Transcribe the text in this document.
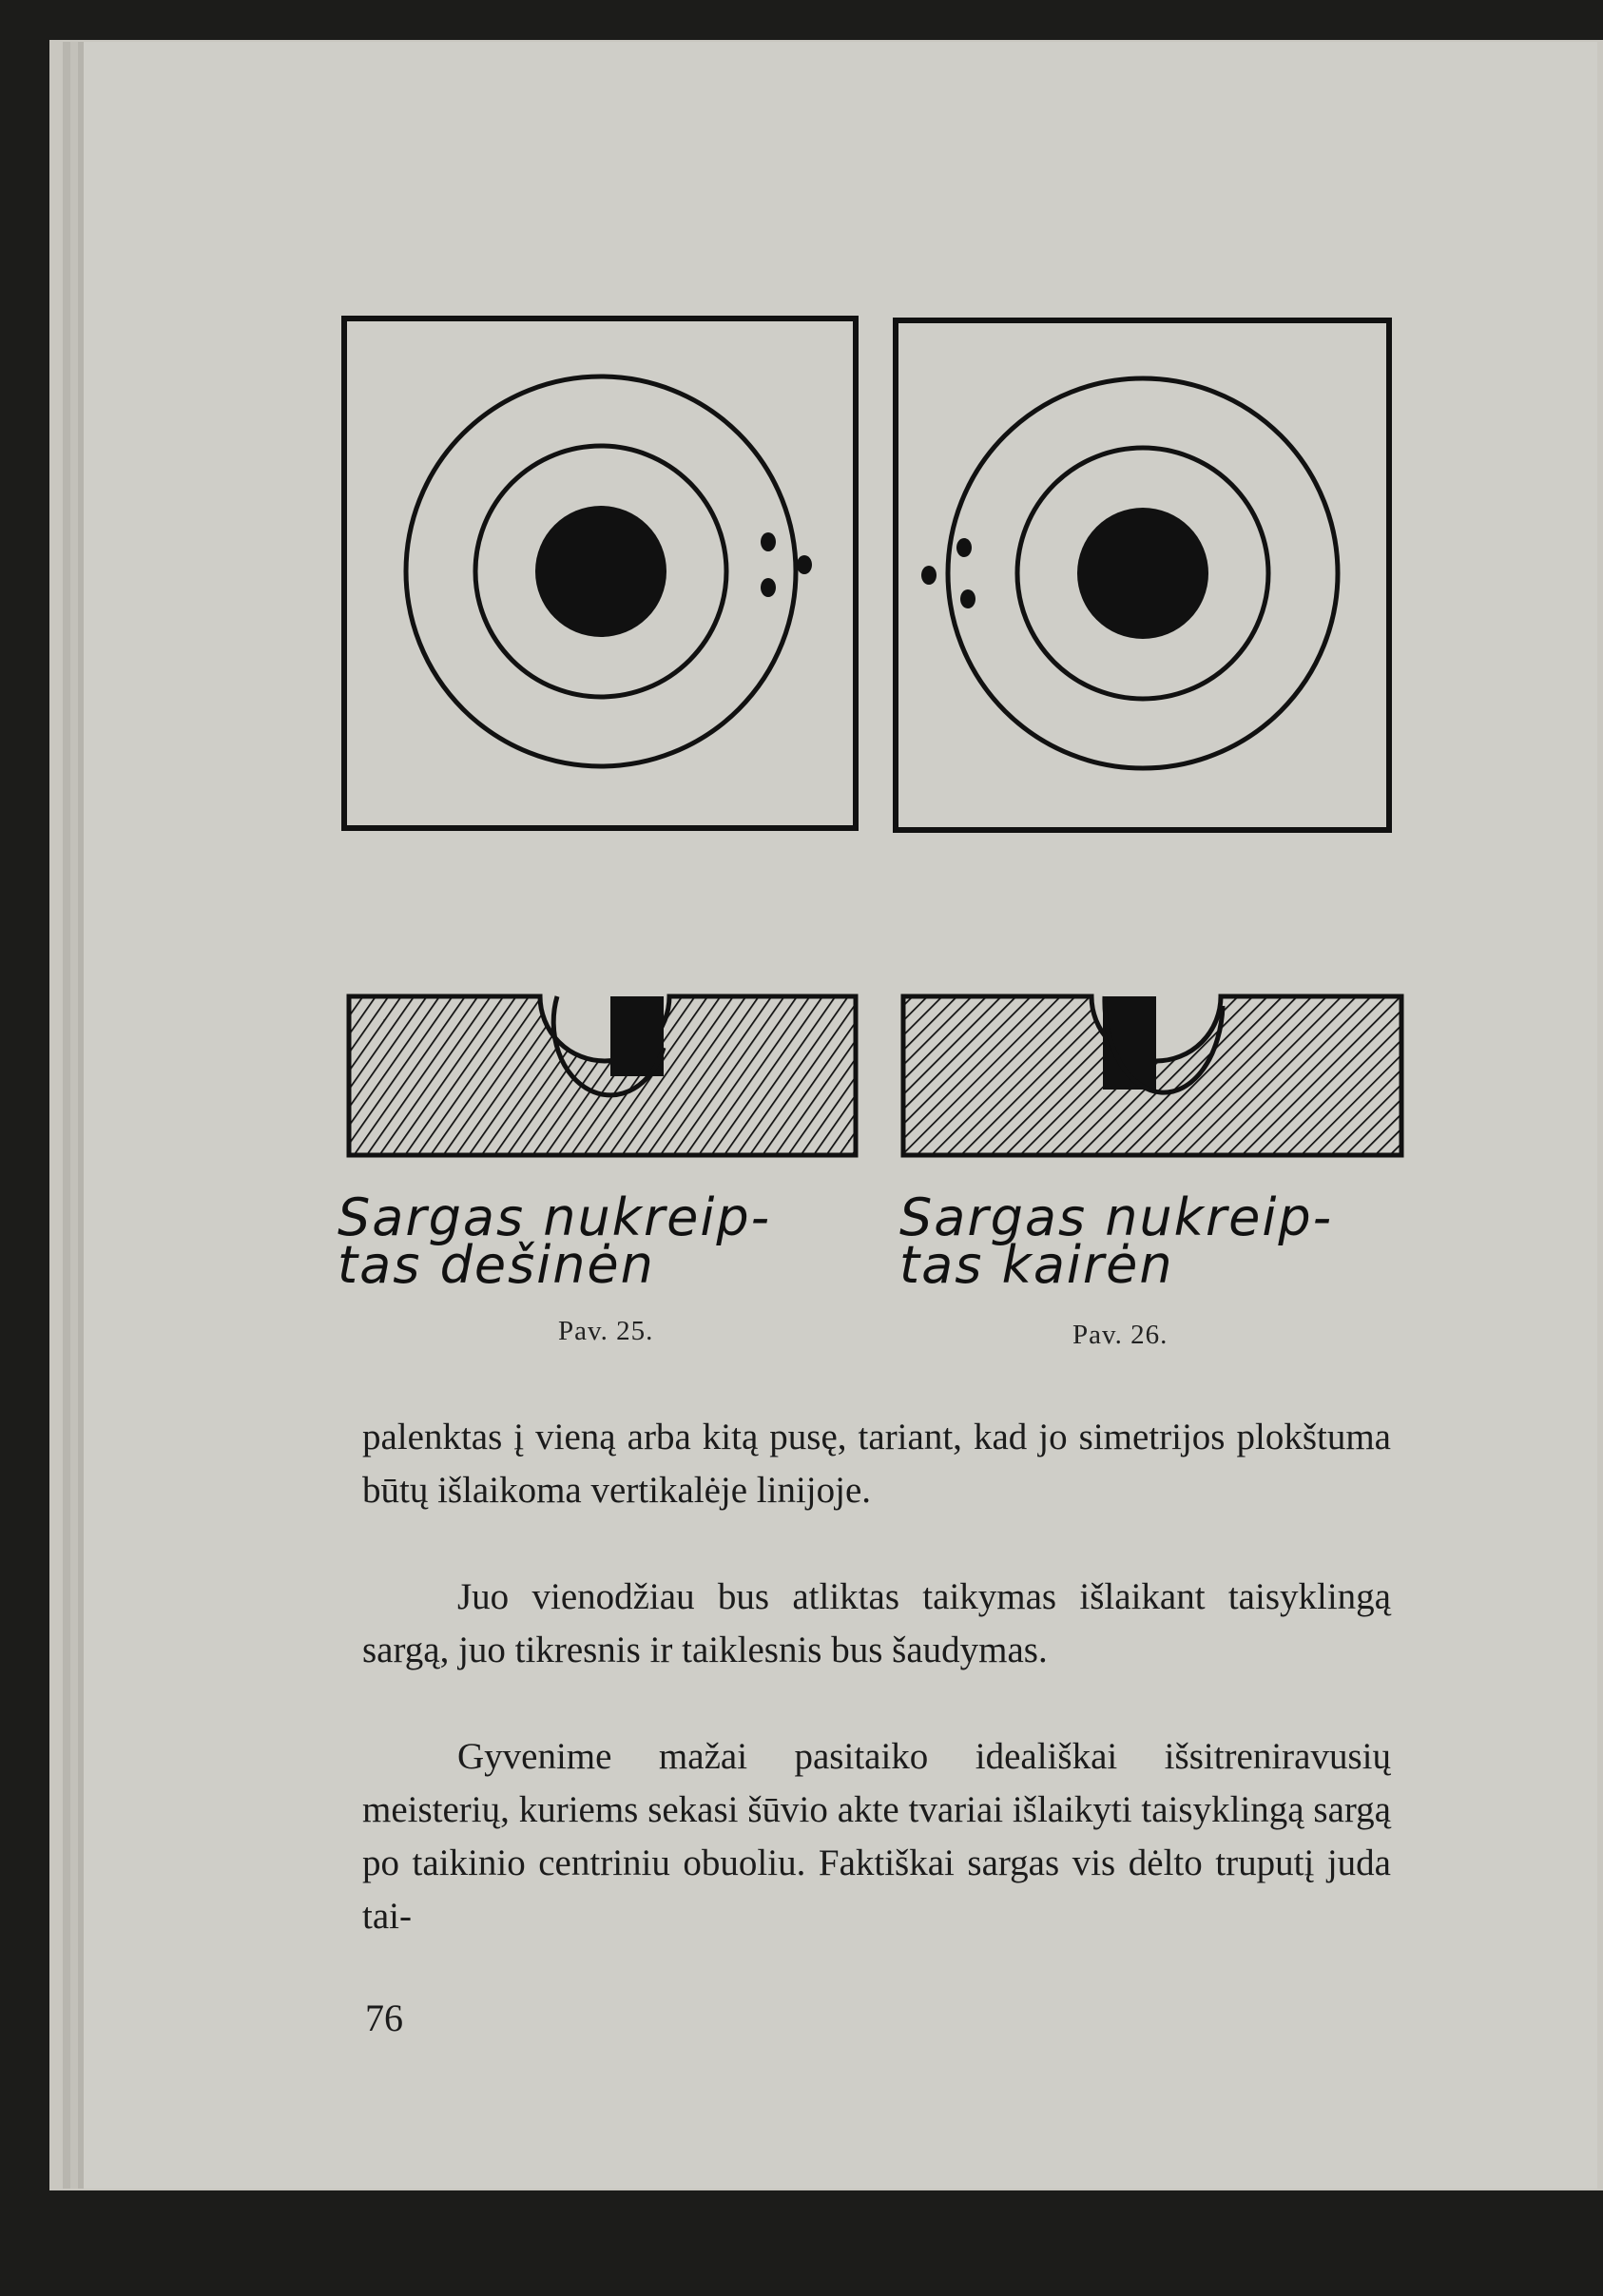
Sargas nukreip-
tas dešinėn
Pav. 25.
Sargas nukreip-
tas kairėn
Pav. 26.

palenktas į vieną arba kitą pusę, tariant, kad jo simetrijos plokštuma būtų išlaikoma vertikalėje linijoje.

Juo vienodžiau bus atliktas taikymas išlaikant taisyklingą sargą, juo tikresnis ir taiklesnis bus šaudymas.

Gyvenime mažai pasitaiko ideališkai išsitreniravusių meisterių, kuriems sekasi šūvio akte tvariai išlaikyti taisyklingą sargą po taikinio centriniu obuoliu. Faktiškai sargas vis dėlto truputį juda tai-

76
